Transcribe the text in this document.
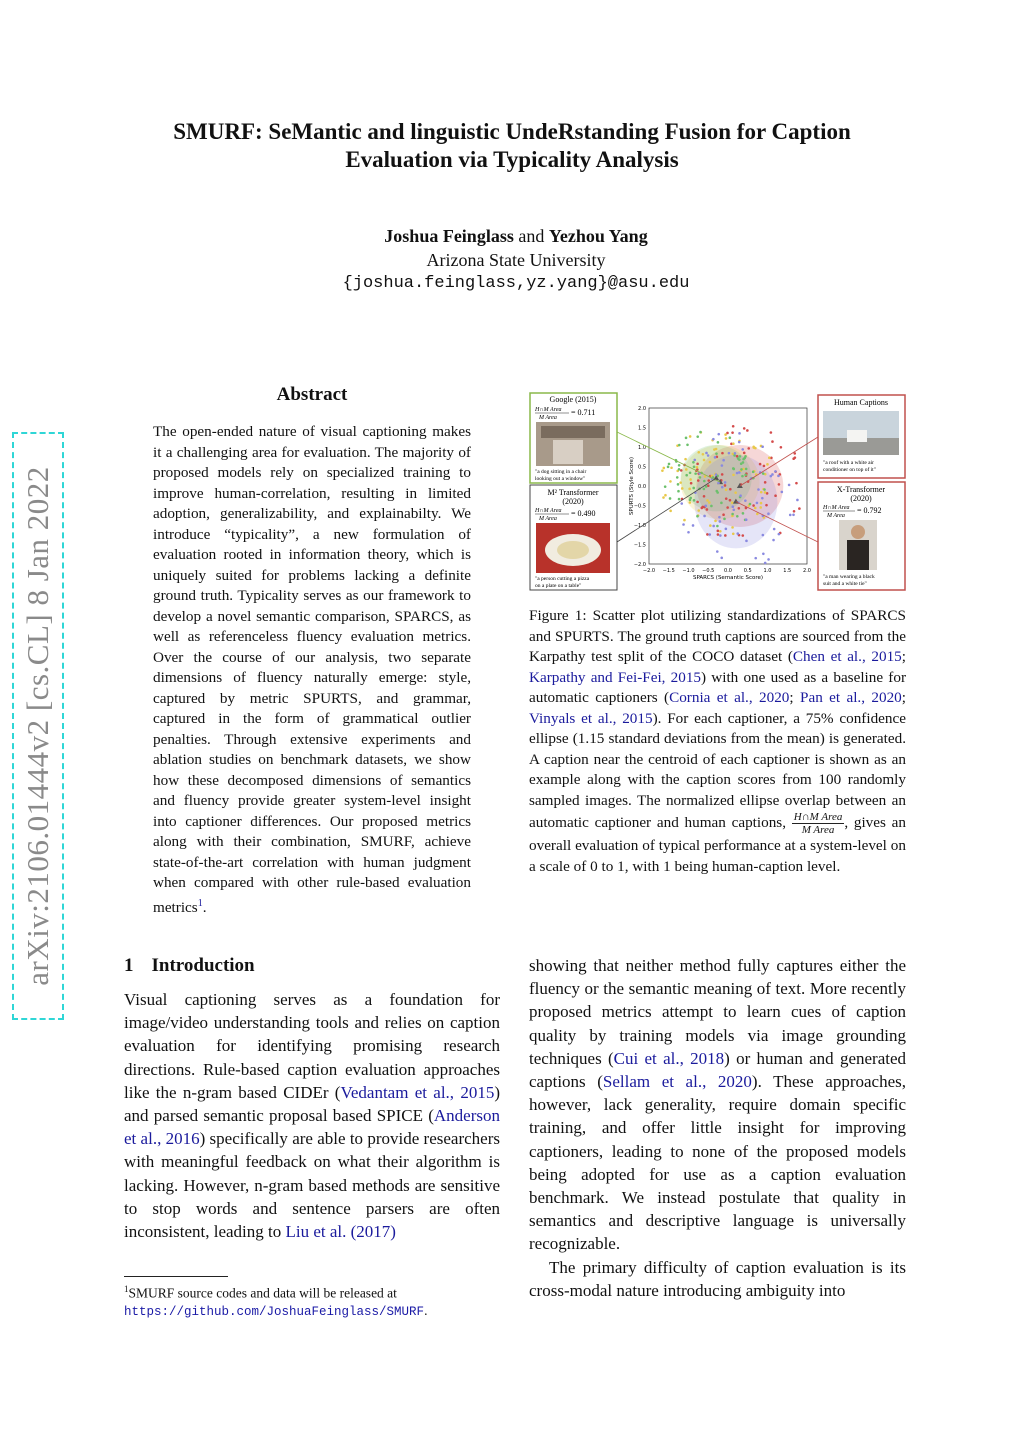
SMURF: SeMantic and linguistic UndeRstanding Fusion for Caption
Evaluation via Typicality Analysis
Joshua Feinglass and Yezhou Yang
Arizona State University
{joshua.feinglass,yz.yang}@asu.edu
arXiv:2106.01444v2 [cs.CL] 8 Jan 2022
Abstract
The open-ended nature of visual captioning makes it a challenging area for evaluation. The majority of proposed models rely on specialized training to improve human-correlation, resulting in limited adoption, generalizability, and explainabilty. We introduce “typicality”, a new formulation of evaluation rooted in information theory, which is uniquely suited for problems lacking a definite ground truth. Typicality serves as our framework to develop a novel semantic comparison, SPARCS, as well as referenceless fluency evaluation metrics. Over the course of our analysis, two separate dimensions of fluency naturally emerge: style, captured by metric SPURTS, and grammar, captured in the form of grammatical outlier penalties. Through extensive experiments and ablation studies on benchmark datasets, we show how these decomposed dimensions of semantics and fluency provide greater system-level insight into captioner differences. Our proposed metrics along with their combination, SMURF, achieve state-of-the-art correlation with human judgment when compared with other rule-based evaluation metrics$^1$.
1 Introduction
Visual captioning serves as a foundation for image/video understanding tools and relies on caption evaluation for identifying promising research directions. Rule-based caption evaluation approaches like the n-gram based CIDEr (Vedantam et al., 2015) and parsed semantic proposal based SPICE (Anderson et al., 2016) specifically are able to provide researchers with meaningful feedback on what their algorithm is lacking. However, n-gram based methods are sensitive to stop words and sentence parsers are often inconsistent, leading to Liu et al. (2017)
$^1$SMURF source codes and data will be released at
https://github.com/JoshuaFeinglass/SMURF.
Google (2015)
H∩M Area
M Area
= 0.711
"a dog sitting in a chair
looking out a window"
M² Transformer
(2020)
H∩M Area
M Area
= 0.490
"a person cutting a pizza
on a plate on a table"
Human Captions
"a roof with a white air
conditioner on top of it"
X-Transformer
(2020)
H∩M Area
M Area
= 0.792
"a man wearing a black
suit and a white tie"
−2.0 −1.5 −1.0 −0.5 0.0 0.5 1.0 1.5 2.0
2.0
1.5
1.0
0.5
0.0
−0.5
−1.0
−1.5
−2.0
SPARCS (Semantic Score)
SPURTS (Style Score)
Figure 1: Scatter plot utilizing standardizations of SPARCS and SPURTS. The ground truth captions are sourced from the Karpathy test split of the COCO dataset (Chen et al., 2015; Karpathy and Fei-Fei, 2015) with one used as a baseline for automatic captioners (Cornia et al., 2020; Pan et al., 2020; Vinyals et al., 2015). For each captioner, a 75% confidence ellipse (1.15 standard deviations from the mean) is generated. A caption near the centroid of each captioner is shown as an example along with the caption scores from 100 randomly sampled images. The normalized ellipse overlap between an automatic captioner and human captions, $\frac{\text{H∩M Area}}{\text{M Area}}$ , gives an overall evaluation of typical performance at a system-level on a scale of 0 to 1, with 1 being human-caption level.
showing that neither method fully captures either the fluency or the semantic meaning of text. More recently proposed metrics attempt to learn cues of caption quality by training models via image grounding techniques (Cui et al., 2018) or human and generated captions (Sellam et al., 2020). These approaches, however, lack generality, require domain specific training, and offer little insight for improving captioners, leading to none of the proposed models being adopted for use as a caption evaluation benchmark. We instead postulate that quality in semantics and descriptive language is universally recognizable.
The primary difficulty of caption evaluation is its cross-modal nature introducing ambiguity into
